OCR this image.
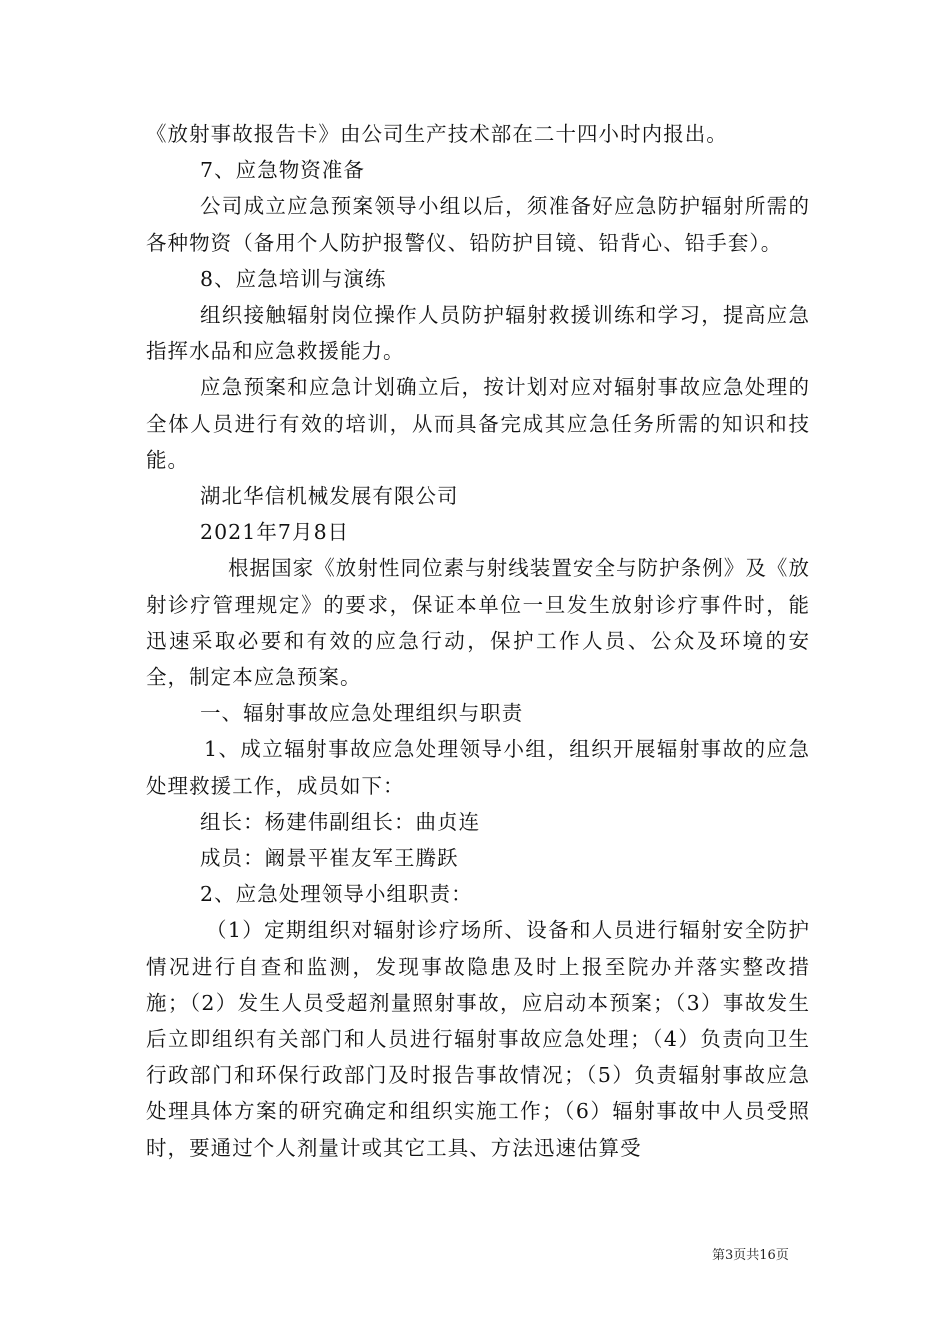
《放射事故报告卡》由公司生产技术部在二十四小时内报出。

7、应急物资准备

公司成立应急预案领导小组以后，须准备好应急防护辐射所需的各种物资（备用个人防护报警仪、铅防护目镜、铅背心、铅手套）。

8、应急培训与演练

组织接触辐射岗位操作人员防护辐射救援训练和学习，提高应急指挥水品和应急救援能力。

应急预案和应急计划确立后，按计划对应对辐射事故应急处理的全体人员进行有效的培训，从而具备完成其应急任务所需的知识和技能。

湖北华信机械发展有限公司

2021年7月8日

根据国家《放射性同位素与射线装置安全与防护条例》及《放射诊疗管理规定》的要求，保证本单位一旦发生放射诊疗事件时，能迅速采取必要和有效的应急行动，保护工作人员、公众及环境的安全，制定本应急预案。

一、辐射事故应急处理组织与职责

1、成立辐射事故应急处理领导小组，组织开展辐射事故的应急处理救援工作，成员如下：

组长：杨建伟副组长：曲贞连

成员：阚景平崔友军王腾跃

2、应急处理领导小组职责：

（1）定期组织对辐射诊疗场所、设备和人员进行辐射安全防护情况进行自查和监测，发现事故隐患及时上报至院办并落实整改措施；（2）发生人员受超剂量照射事故，应启动本预案；（3）事故发生后立即组织有关部门和人员进行辐射事故应急处理；（4）负责向卫生行政部门和环保行政部门及时报告事故情况；（5）负责辐射事故应急处理具体方案的研究确定和组织实施工作；（6）辐射事故中人员受照时，要通过个人剂量计或其它工具、方法迅速估算受

第3页共16页
